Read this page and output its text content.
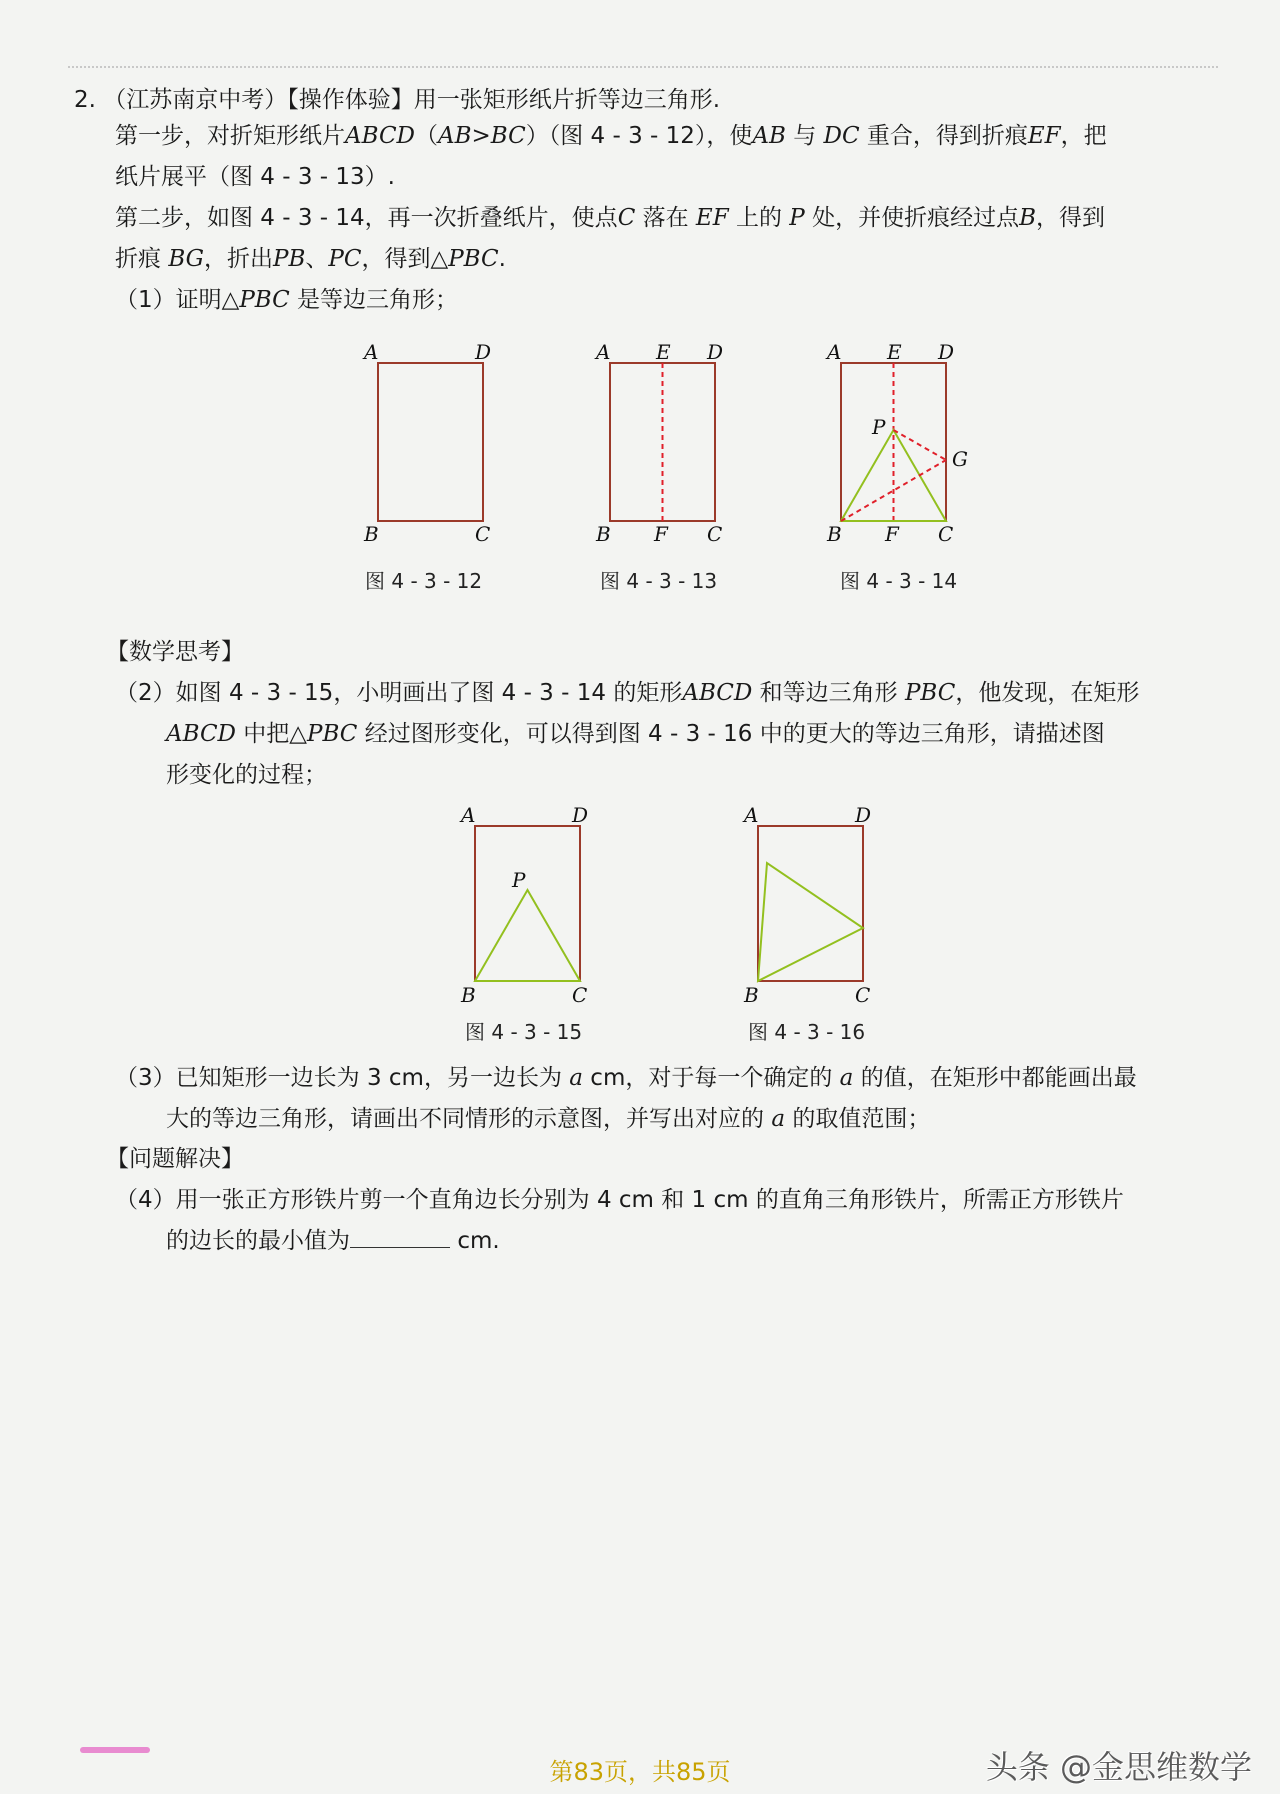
2. （江苏南京中考）【操作体验】用一张矩形纸片折等边三角形.
第一步，对折矩形纸片ABCD（AB>BC）（图 4 - 3 - 12），使AB 与 DC 重合，得到折痕EF，把
纸片展平（图 4 - 3 - 13）.
第二步，如图 4 - 3 - 14，再一次折叠纸片，使点C 落在 EF 上的 P 处，并使折痕经过点B，得到
折痕 BG，折出PB、PC，得到△PBC.
（1）证明△PBC 是等边三角形；
A	D
B	C
图 4 - 3 - 12
A E D
B F C
图 4 - 3 - 13
A E D
P
G
B F C
图 4 - 3 - 14
【数学思考】
（2）如图 4 - 3 - 15，小明画出了图 4 - 3 - 14 的矩形ABCD 和等边三角形 PBC，他发现，在矩形
ABCD 中把△PBC 经过图形变化，可以得到图 4 - 3 - 16 中的更大的等边三角形，请描述图
形变化的过程；
A	D
P
B	C
图 4 - 3 - 15
A	D
B	C
图 4 - 3 - 16
（3）已知矩形一边长为 3 cm，另一边长为 a cm，对于每一个确定的 a 的值，在矩形中都能画出最
大的等边三角形，请画出不同情形的示意图，并写出对应的 a 的取值范围；
【问题解决】
（4）用一张正方形铁片剪一个直角边长分别为 4 cm 和 1 cm 的直角三角形铁片，所需正方形铁片
的边长的最小值为	cm.
第83页，共85页	头条 @金思维数学
